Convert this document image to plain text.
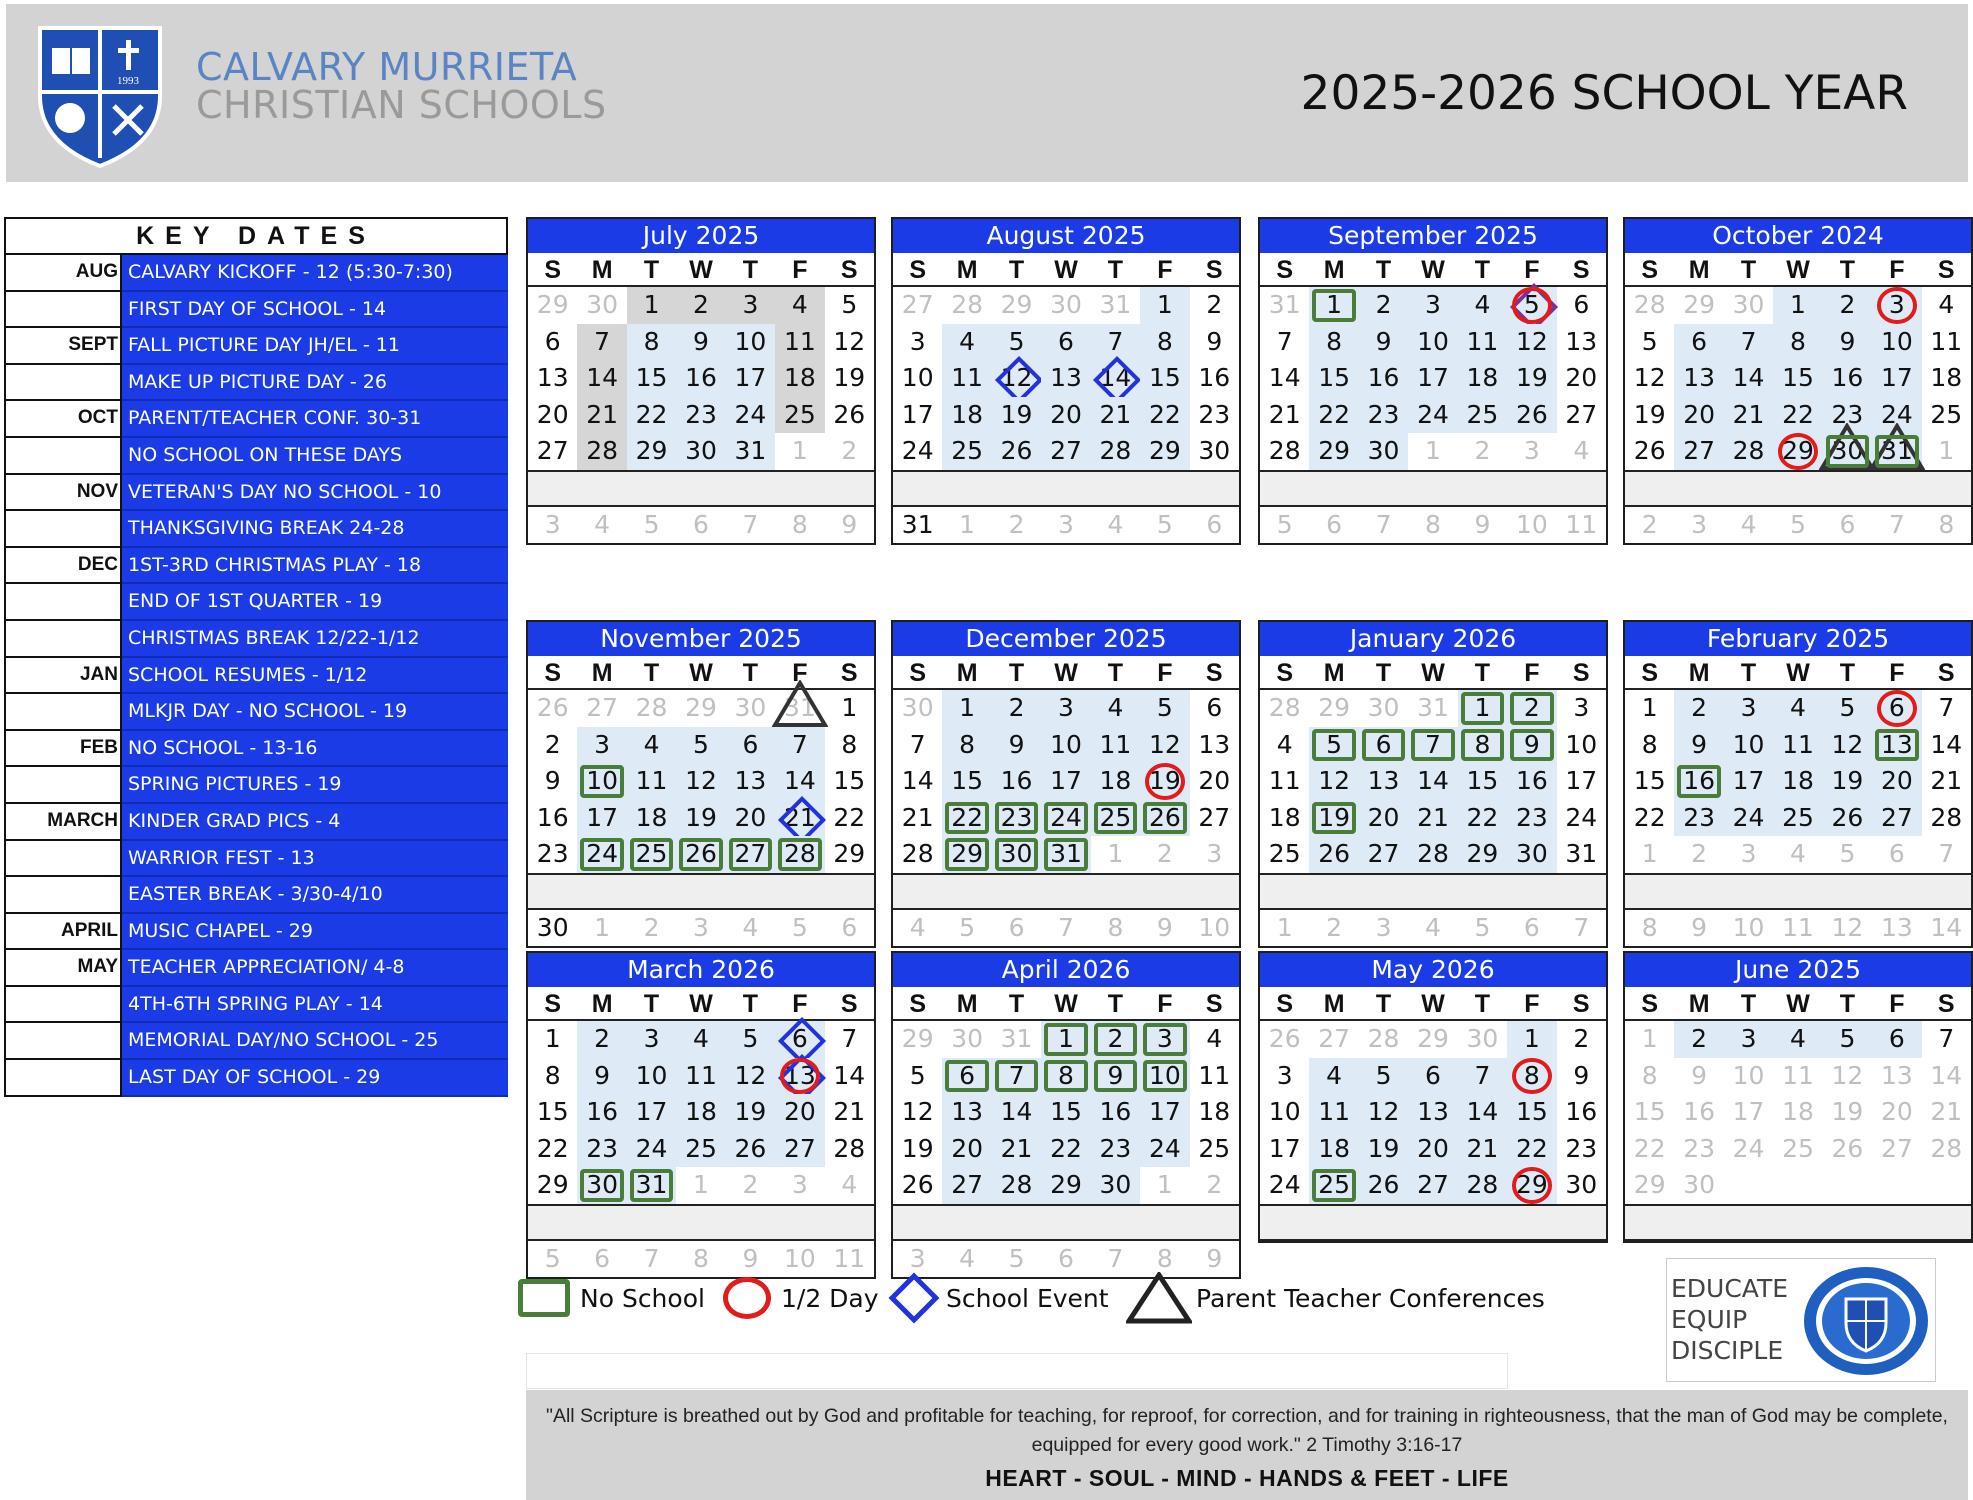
1993 CALVARY MURRIETA
CHRISTIAN SCHOOLS	2025-2026 SCHOOL YEAR
KEY DATES
AUG CALVARY KICKOFF - 12 (5:30-7:30)
FIRST DAY OF SCHOOL - 14
SEPT FALL PICTURE DAY JH/EL - 11
MAKE UP PICTURE DAY - 26
OCT PARENT/TEACHER CONF. 30-31
NO SCHOOL ON THESE DAYS
NOV VETERAN'S DAY NO SCHOOL - 10
THANKSGIVING BREAK 24-28
DEC 1ST-3RD CHRISTMAS PLAY - 18
END OF 1ST QUARTER - 19
CHRISTMAS BREAK 12/22-1/12
JAN SCHOOL RESUMES - 1/12
MLKJR DAY - NO SCHOOL - 19
FEB NO SCHOOL - 13-16
SPRING PICTURES - 19
MARCH KINDER GRAD PICS - 4
WARRIOR FEST - 13
EASTER BREAK - 3/30-4/10
APRIL MUSIC CHAPEL - 29
MAY TEACHER APPRECIATION/ 4-8
4TH-6TH SPRING PLAY - 14
MEMORIAL DAY/NO SCHOOL - 25
LAST DAY OF SCHOOL - 29
July 2025
S	M	T	W	T	F	S
29 30	1	2	3	4	5
6	7	8	9	10 11 12
13 14 15 16 17 18 19
20 21 22 23 24 25 26
27 28 29 30 31	1	2
3	4	5	6	7	8	9
August 2025
S	M	T	W	T	F	S
27 28 29 30 31	1	2
3	4	5	6	7	8	9
10 11 12 13 14 15 16
17 18 19 20 21 22 23
24 25 26 27 28 29 30
31	1	2	3	4	5	6
September 2025
S	M	T	W	T	F	S
31	1	2	3	4	5	6
7	8	9	10 11 12 13
14 15 16 17 18 19 20
21 22 23 24 25 26 27
28 29 30	1	2	3	4
5	6	7	8	9	10 11
October 2024
S	M	T	W	T	F	S
28 29 30	1	2	3	4
5	6	7	8	9	10 11
12 13 14 15 16 17 18
19 20 21 22 23 24 25
26 27 28 29 30 31	1
2	3	4	5	6	7	8
November 2025
S	M	T	W	T	F	S
26 27 28 29 30 31	1
2	3	4	5	6	7	8
9	10 11 12 13 14 15
16 17 18 19 20 21 22
23 24 25 26 27 28 29
30	1	2	3	4	5	6
December 2025
S	M	T	W	T	F	S
30	1	2	3	4	5	6
7	8	9	10 11 12 13
14 15 16 17 18 19 20
21 22 23 24 25 26 27
28 29 30 31	1	2	3
4	5	6	7	8	9	10
January 2026
S	M	T	W	T	F	S
28 29 30 31	1	2	3
4	5	6	7	8	9	10
11 12 13 14 15 16 17
18 19 20 21 22 23 24
25 26 27 28 29 30 31
1	2	3	4	5	6	7
February 2025
S	M	T	W	T	F	S
1	2	3	4	5	6	7
8	9	10 11 12 13 14
15 16 17 18 19 20 21
22 23 24 25 26 27 28
1	2	3	4	5	6	7
8	9	10 11 12 13 14
March 2026
S	M	T	W	T	F	S
1	2	3	4	5	6	7
8	9	10 11 12 13 14
15 16 17 18 19 20 21
22 23 24 25 26 27 28
29 30 31	1	2	3	4
5	6	7	8	9	10 11
April 2026
S	M	T	W	T	F	S
29 30 31	1	2	3	4
5	6	7	8	9	10 11
12 13 14 15 16 17 18
19 20 21 22 23 24 25
26 27 28 29 30	1	2
3	4	5	6	7	8	9
May 2026
S	M	T	W	T	F	S
26 27 28 29 30	1	2
3	4	5	6	7	8	9
10 11 12 13 14 15 16
17 18 19 20 21 22 23
24 25 26 27 28 29 30
June 2025
S	M	T	W	T	F	S
1	2	3	4	5	6	7
8	9	10 11 12 13 14
15 16 17 18 19 20 21
22 23 24 25 26 27 28
29 30
No School	1/2 Day	School Event	Parent Teacher Conferences	EDUCATE
EQUIP
DISCIPLE
"All Scripture is breathed out by God and profitable for teaching, for reproof, for correction, and for training in righteousness, that the man of God may be complete, equipped for every good work." 2 Timothy 3:16-17
HEART - SOUL - MIND - HANDS & FEET - LIFE
